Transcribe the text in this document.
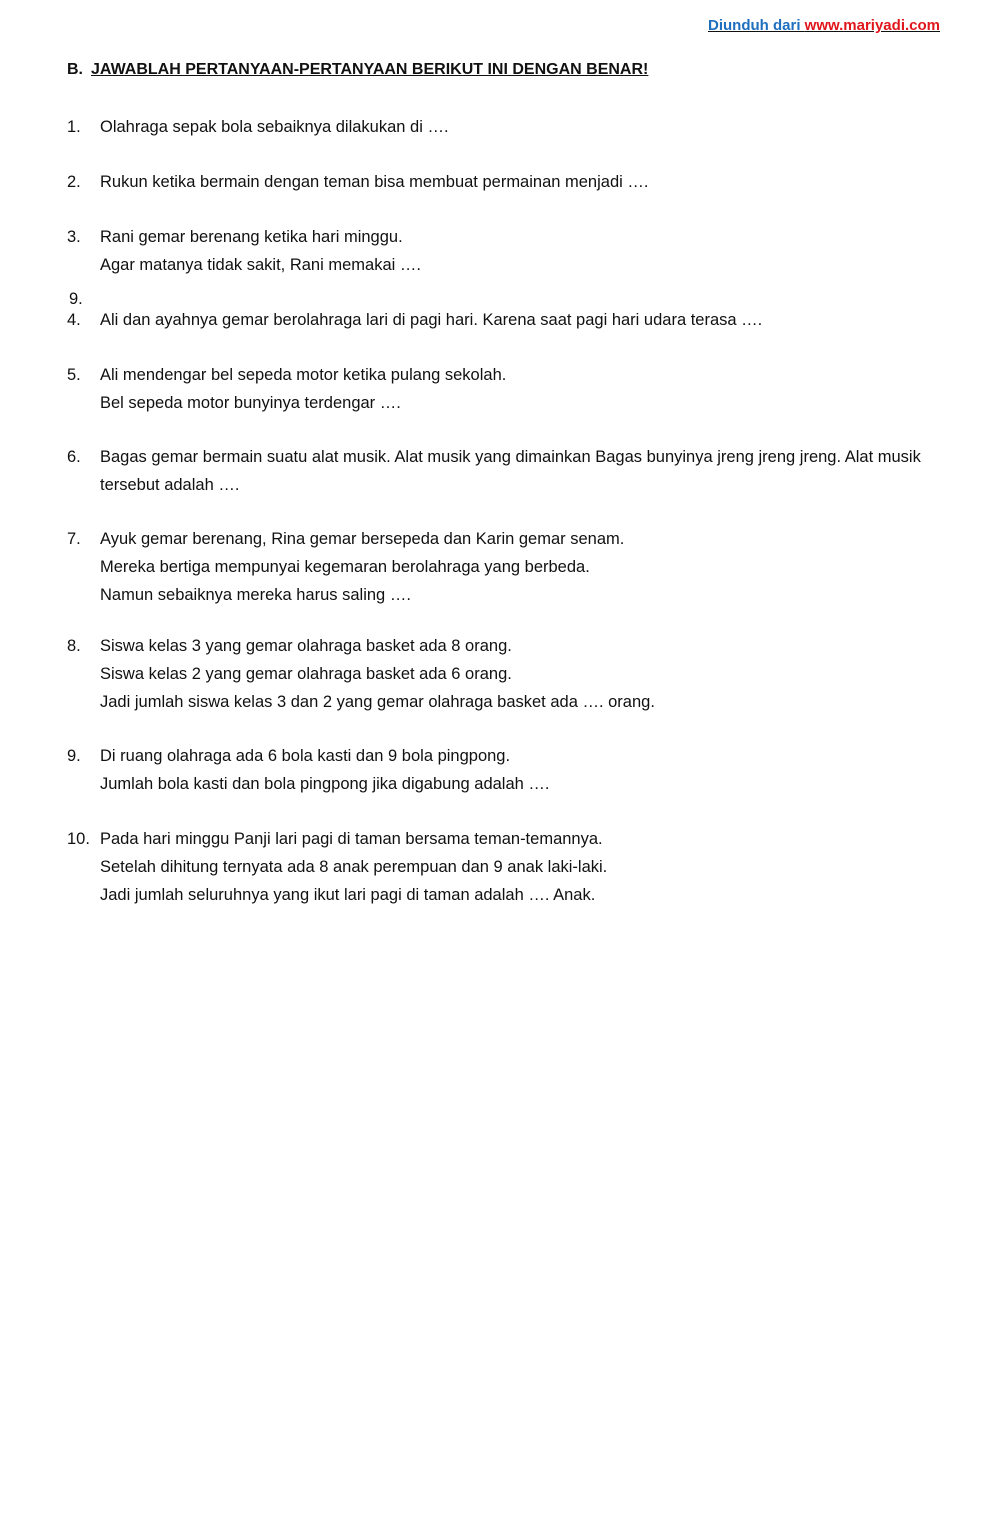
Diunduh dari www.mariyadi.com
B. JAWABLAH PERTANYAAN-PERTANYAAN BERIKUT INI DENGAN BENAR!
9.
1.	Olahraga sepak bola sebaiknya dilakukan di ….
2.	Rukun ketika bermain dengan teman bisa membuat permainan menjadi ….
3.	Rani gemar berenang ketika hari minggu.
Agar matanya tidak sakit, Rani memakai ….
4.	Ali dan ayahnya gemar berolahraga lari di pagi hari. Karena saat pagi hari udara terasa ….
5.	Ali mendengar bel sepeda motor ketika pulang sekolah.
Bel sepeda motor bunyinya terdengar ….
6.	Bagas gemar bermain suatu alat musik. Alat musik yang dimainkan Bagas bunyinya jreng jreng jreng. Alat musik tersebut adalah ….
7.	Ayuk gemar berenang, Rina gemar bersepeda dan Karin gemar senam.
Mereka bertiga mempunyai kegemaran berolahraga yang berbeda.
Namun sebaiknya mereka harus saling ….
8.	Siswa kelas 3 yang gemar olahraga basket ada 8 orang.
Siswa kelas 2 yang gemar olahraga basket ada 6 orang.
Jadi jumlah siswa kelas 3 dan 2 yang gemar olahraga basket ada …. orang.
9.	Di ruang olahraga ada 6 bola kasti dan 9 bola pingpong.
Jumlah bola kasti dan bola pingpong jika digabung adalah ….
10. Pada hari minggu Panji lari pagi di taman bersama teman-temannya.
Setelah dihitung ternyata ada 8 anak perempuan dan 9 anak laki-laki.
Jadi jumlah seluruhnya yang ikut lari pagi di taman adalah …. Anak.
